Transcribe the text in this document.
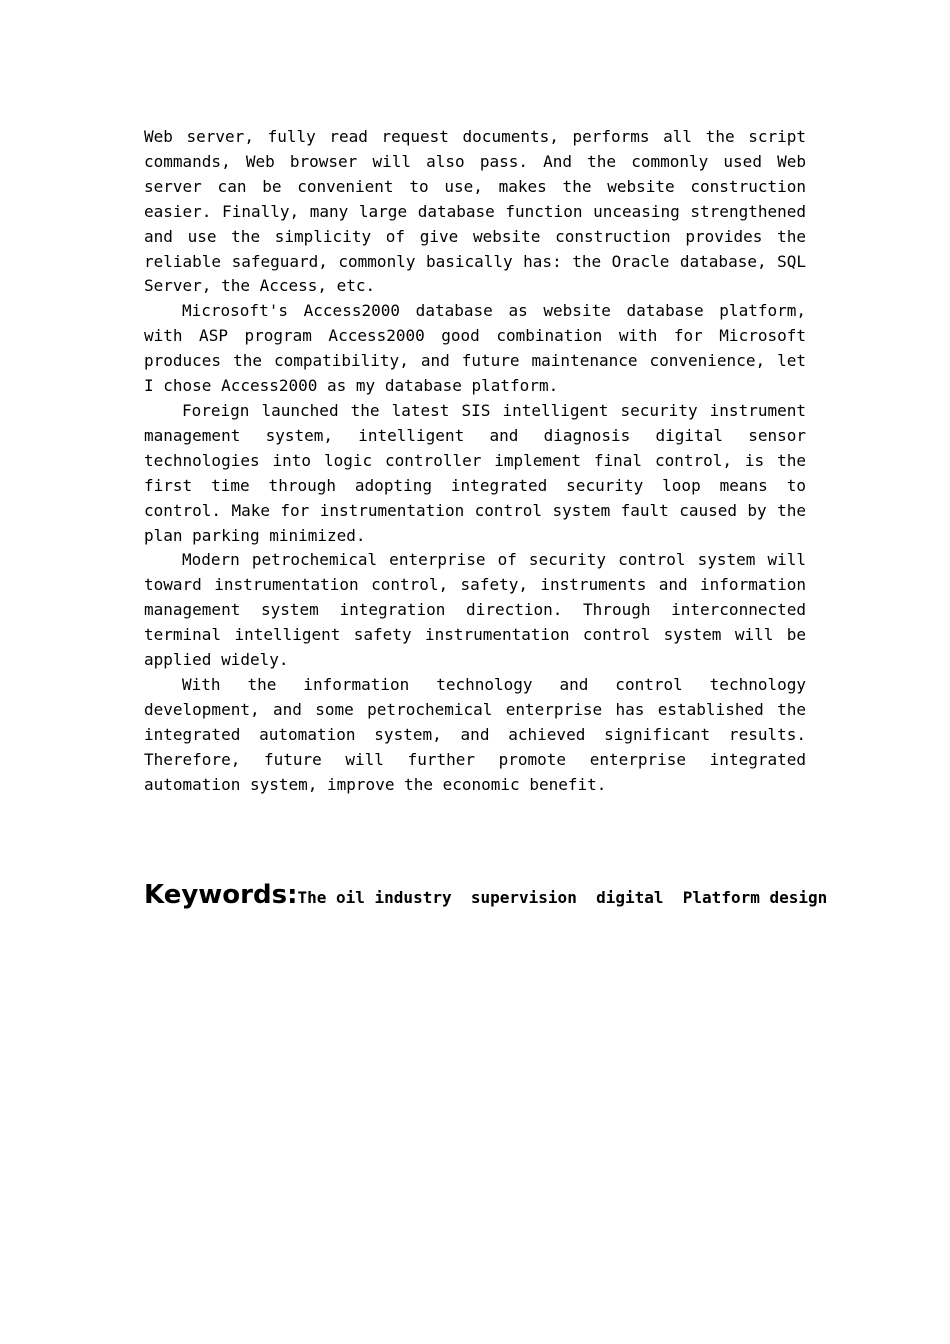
Web server, fully read request documents, performs all the script commands, Web browser will also pass. And the commonly used Web server can be convenient to use, makes the website construction easier. Finally, many large database function unceasing strengthened and use the simplicity of give website construction provides the reliable safeguard, commonly basically has: the Oracle database, SQL Server, the Access, etc.

Microsoft's Access2000 database as website database platform, with ASP program Access2000 good combination with for Microsoft produces the compatibility, and future maintenance convenience, let I chose Access2000 as my database platform.

Foreign launched the latest SIS intelligent security instrument management system, intelligent and diagnosis digital sensor technologies into logic controller implement final control, is the first time through adopting integrated security loop means to control. Make for instrumentation control system fault caused by the plan parking minimized.

Modern petrochemical enterprise of security control system will toward instrumentation control, safety, instruments and information management system integration direction. Through interconnected terminal intelligent safety instrumentation control system will be applied widely.

With the information technology and control technology development, and some petrochemical enterprise has established the integrated automation system, and achieved significant results. Therefore, future will further promote enterprise integrated automation system, improve the economic benefit.

Keywords:The oil industry  supervision  digital  Platform design
